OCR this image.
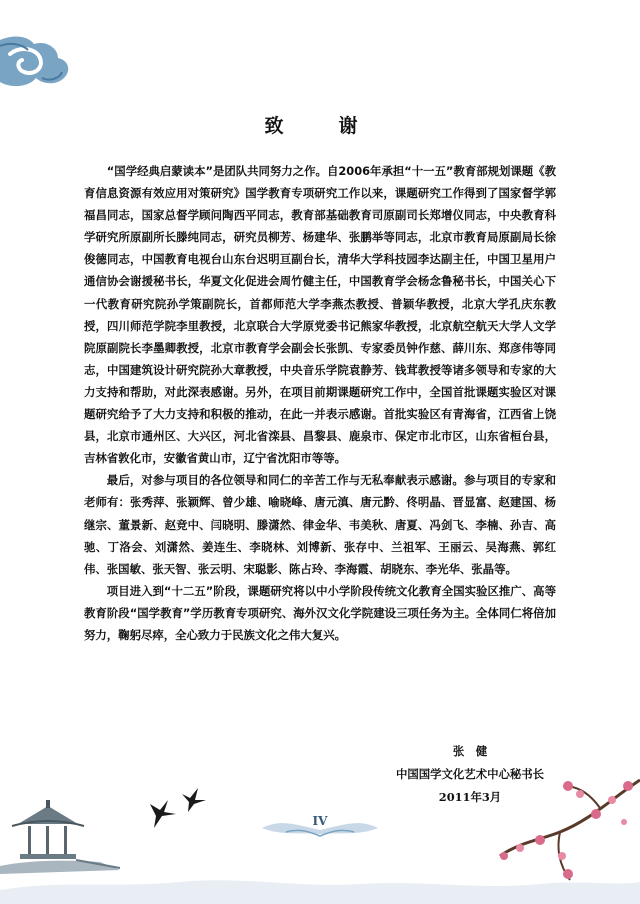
致　谢

“国学经典启蒙读本”是团队共同努力之作。自2006年承担“十一五”教育部规划课题《教育信息资源有效应用对策研究》国学教育专项研究工作以来，课题研究工作得到了国家督学郭福昌同志，国家总督学顾问陶西平同志，教育部基础教育司原副司长郑增仪同志，中央教育科学研究所原副所长滕纯同志，研究员柳芳、杨建华、张鹏举等同志，北京市教育局原副局长徐俊德同志，中国教育电视台山东台迟明亘副台长，清华大学科技园李达副主任，中国卫星用户通信协会谢援秘书长，华夏文化促进会周竹健主任，中国教育学会杨念鲁秘书长，中国关心下一代教育研究院孙学策副院长，首都师范大学李燕杰教授、普颖华教授，北京大学孔庆东教授，四川师范学院李里教授，北京联合大学原党委书记熊家华教授，北京航空航天大学人文学院原副院长李墨卿教授，北京市教育学会副会长张凯、专家委员钟作慈、薛川东、郑彦伟等同志，中国建筑设计研究院孙大章教授，中央音乐学院袁静芳、钱茸教授等诸多领导和专家的大力支持和帮助，对此深表感谢。另外，在项目前期课题研究工作中，全国首批课题实验区对课题研究给予了大力支持和积极的推动，在此一并表示感谢。首批实验区有青海省，江西省上饶县，北京市通州区、大兴区，河北省滦县、昌黎县、鹿泉市、保定市北市区，山东省桓台县，吉林省敦化市，安徽省黄山市，辽宁省沈阳市等等。

最后，对参与项目的各位领导和同仁的辛苦工作与无私奉献表示感谢。参与项目的专家和老师有：张秀萍、张颖辉、曾少雄、喻晓峰、唐元滇、唐元黔、佟明晶、晋显富、赵建国、杨继宗、董景新、赵竞中、闫晓明、滕潇然、律金华、韦美秋、唐夏、冯剑飞、李楠、孙吉、高驰、丁洛会、刘潇然、姜连生、李晓林、刘博新、张存中、兰祖军、王丽云、吴海燕、郭红伟、张国敏、张天智、张云明、宋聪影、陈占玲、李海霞、胡晓东、李光华、张晶等。

项目进入到“十二五”阶段，课题研究将以中小学阶段传统文化教育全国实验区推广、高等教育阶段“国学教育”学历教育专项研究、海外汉文化学院建设三项任务为主。全体同仁将倍加努力，鞠躬尽瘁，全心致力于民族文化之伟大复兴。

张　健
中国国学文化艺术中心秘书长
2011年3月
IV
